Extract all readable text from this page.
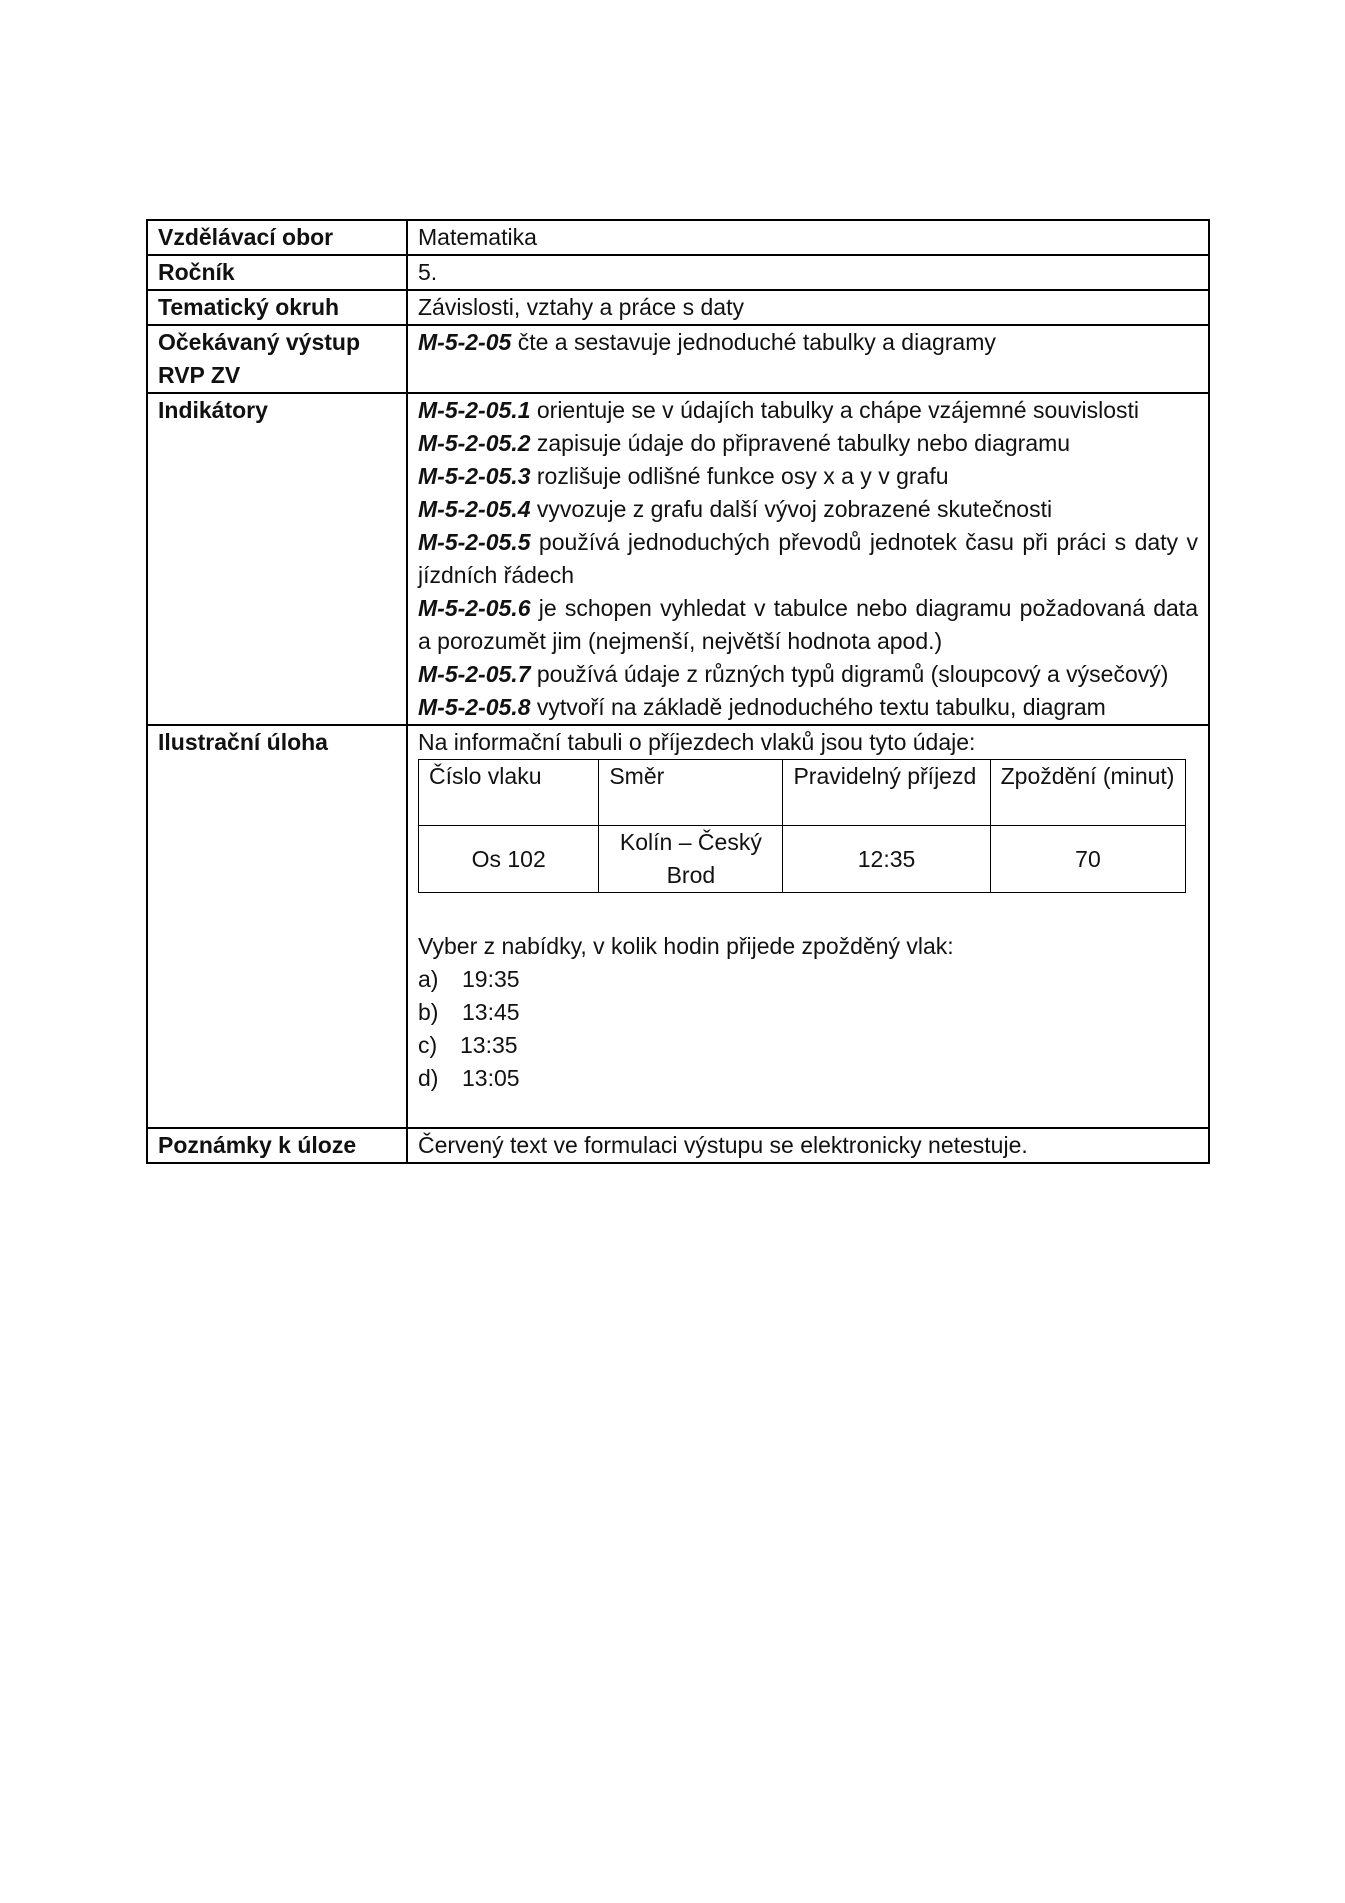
Vzdělávací obor	Matematika
Ročník	5.
Tematický okruh	Závislosti, vztahy a práce s daty

Očekávaný výstup
RVP ZV
	M-5-2-05 čte a sestavuje jednoduché tabulky a diagramy
Indikátory	M-5-2-05.1 orientuje se v údajích tabulky a chápe vzájemné souvislosti
M-5-2-05.2 zapisuje údaje do připravené tabulky nebo diagramu
M-5-2-05.3 rozlišuje odlišné funkce osy x a y v grafu
M-5-2-05.4 vyvozuje z grafu další vývoj zobrazené skutečnosti
M-5-2-05.5 používá jednoduchých převodů jednotek času při práci s daty v jízdních řádech
M-5-2-05.6 je schopen vyhledat v tabulce nebo diagramu požadovaná data a porozumět jim (nejmenší, největší hodnota apod.)
M-5-2-05.7 používá údaje z různých typů digramů (sloupcový a výsečový)
M-5-2-05.8 vytvoří na základě jednoduchého textu tabulku, diagram

Ilustrační úloha	Na informační tabuli o příjezdech vlaků jsou tyto údaje:
Číslo vlaku	Směr	Pravidelný příjezd	Zpoždění (minut)
Os 102	Kolín – Český Brod	12:35	70
Vyber z nabídky, v kolik hodin přijede zpožděný vlak:
a)	19:35
b)	13:45
c) 13:35
d)	13:05

Poznámky k úloze	Červený text ve formulaci výstupu se elektronicky netestuje.
